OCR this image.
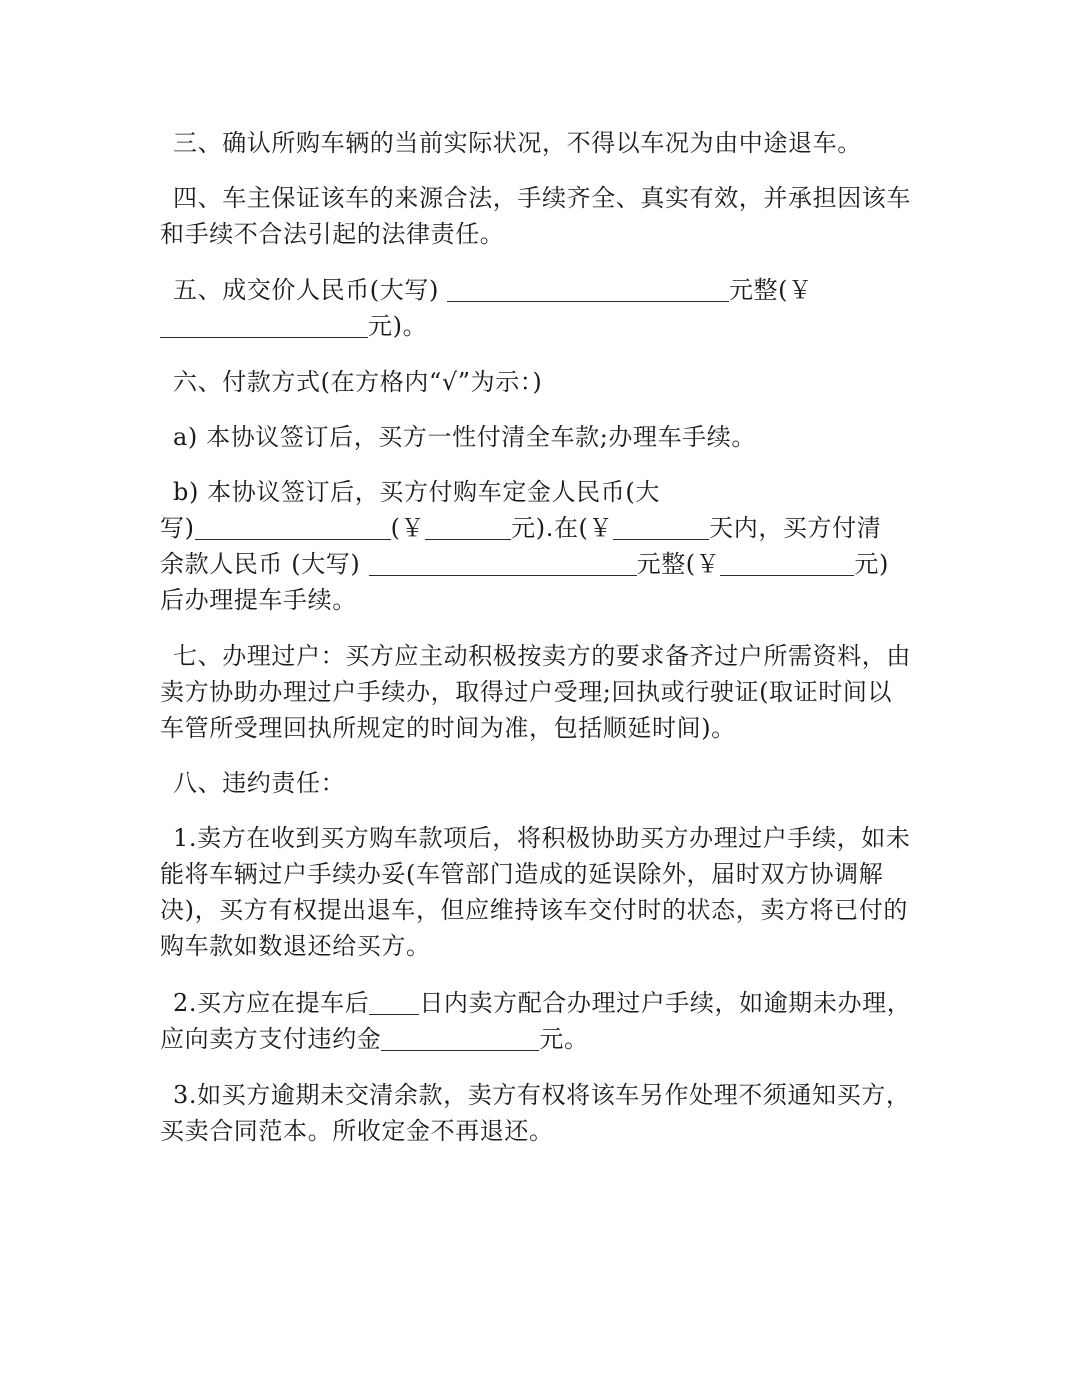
三、确认所购车辆的当前实际状况，不得以车况为由中途退车。
四、车主保证该车的来源合法，手续齐全、真实有效，并承担因该车
和手续不合法引起的法律责任。
五、成交价人民币(大写)	元整(￥
元)。
六、付款方式(在方格内“√”为示：)
a) 本协议签订后，买方一性付清全车款;办理车手续。
b) 本协议签订后，买方付购车定金人民币(大
写)	(￥	元).在(￥	天内，买方付清
余款人民币 (大写)	元整(￥	元)
后办理提车手续。
七、办理过户：买方应主动积极按卖方的要求备齐过户所需资料，由
卖方协助办理过户手续办，取得过户受理;回执或行驶证(取证时间以
车管所受理回执所规定的时间为准，包括顺延时间)。
八、违约责任：
1.卖方在收到买方购车款项后，将积极协助买方办理过户手续，如未
能将车辆过户手续办妥(车管部门造成的延误除外，届时双方协调解
决)，买方有权提出退车，但应维持该车交付时的状态，卖方将已付的
购车款如数退还给买方。
2.买方应在提车后 日内卖方配合办理过户手续，如逾期未办理，
应向卖方支付违约金	元。
3.如买方逾期未交清余款，卖方有权将该车另作处理不须通知买方，
买卖合同范本。所收定金不再退还。
